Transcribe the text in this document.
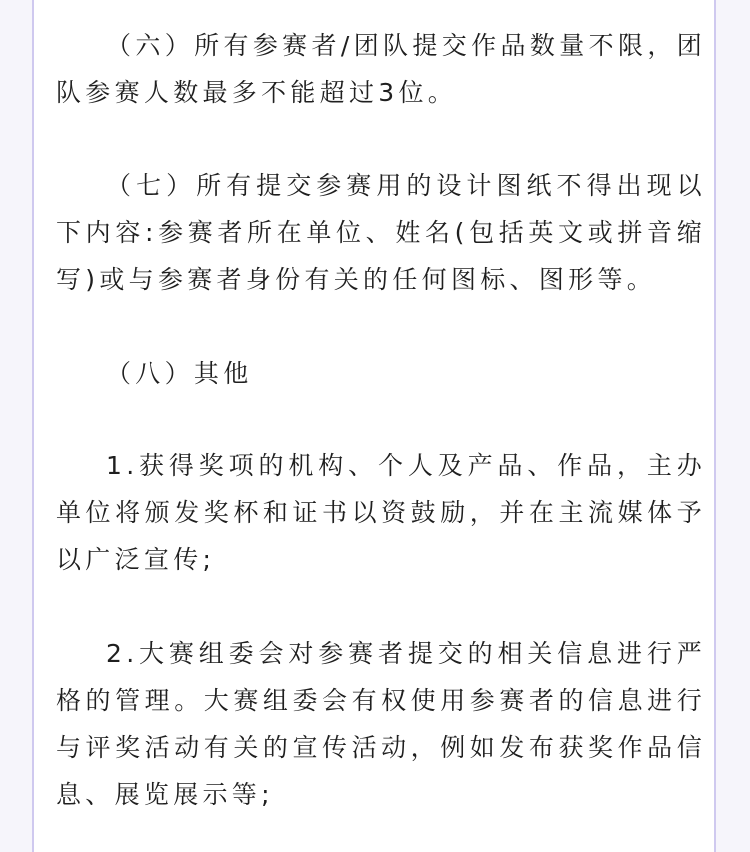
（六）所有参赛者/团队提交作品数量不限，团队参赛人数最多不能超过3位。

（七）所有提交参赛用的设计图纸不得出现以下内容:参赛者所在单位、姓名(包括英文或拼音缩写)或与参赛者身份有关的任何图标、图形等。

（八）其他

1.获得奖项的机构、个人及产品、作品，主办单位将颁发奖杯和证书以资鼓励，并在主流媒体予以广泛宣传;

2.大赛组委会对参赛者提交的相关信息进行严格的管理。大赛组委会有权使用参赛者的信息进行与评奖活动有关的宣传活动，例如发布获奖作品信息、展览展示等;
